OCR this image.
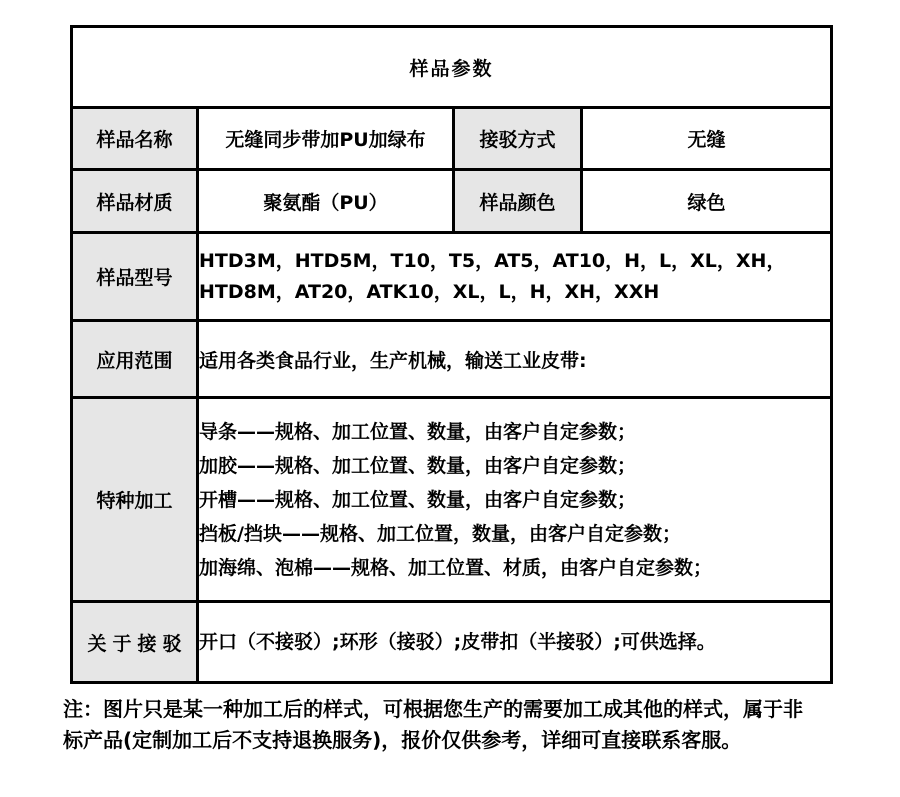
样品参数			
样品名称	无缝同步带加PU加绿布	接驳方式	无缝
样品材质	聚氨酯（PU）	样品颜色	绿色
样品型号	HTD3M，HTD5M，T10，T5，AT5，AT10，H，L，XL，XH，
HTD8M，AT20，ATK10，XL，L，H，XH，XXH		

应用范围	适用各类食品行业，生产机械，输送工业皮带:		
特种加工	导条——规格、加工位置、数量，由客户自定参数；
加胶——规格、加工位置、数量，由客户自定参数；
开槽——规格、加工位置、数量，由客户自定参数；
挡板/挡块——规格、加工位置，数量，由客户自定参数；
加海绵、泡棉——规格、加工位置、材质，由客户自定参数；		

关于接驳	开口（不接驳）;环形（接驳）;皮带扣（半接驳）;可供选择。		
注：图片只是某一种加工后的样式，可根据您生产的需要加工成其他的样式，属于非
标产品(定制加工后不支持退换服务)，报价仅供参考，详细可直接联系客服。
